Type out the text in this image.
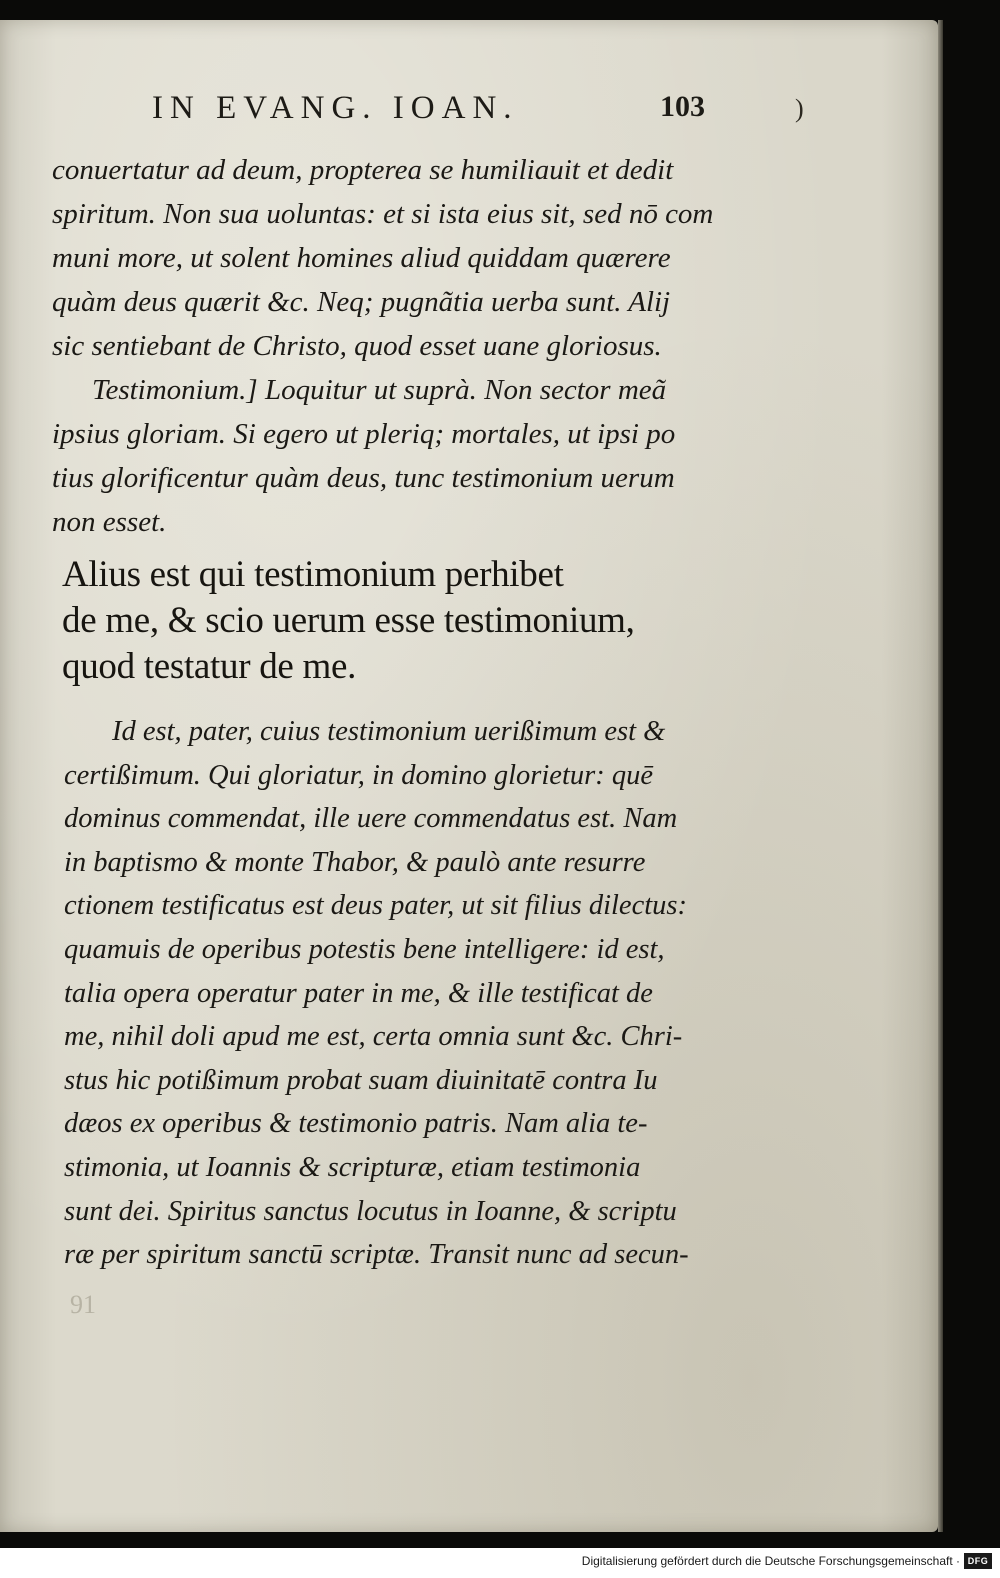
IN EVANG. IOAN.	103	)
conuertatur ad deum, propterea se humiliauit et dedit
spiritum. Non sua uoluntas: et si ista eius sit, sed nō com
muni more, ut solent homines aliud quiddam quærere
quàm deus quærit &c. Neq; pugnãtia uerba sunt. Alij
sic sentiebant de Christo, quod esset uane gloriosus.
Testimonium.] Loquitur ut suprà. Non sector meã
ipsius gloriam. Si egero ut pleriq; mortales, ut ipsi po
tius glorificentur quàm deus, tunc testimonium uerum
non esset.
Alius est qui testimonium perhibet
de me, & scio uerum esse testimonium,
quod testatur de me.
Id est, pater, cuius testimonium uerißimum est &
certißimum. Qui gloriatur, in domino glorietur: quē
dominus commendat, ille uere commendatus est. Nam
in baptismo & monte Thabor, & paulò ante resurre
ctionem testificatus est deus pater, ut sit filius dilectus:
quamuis de operibus potestis bene intelligere: id est,
talia opera operatur pater in me, & ille testificat de
me, nihil doli apud me est, certa omnia sunt &c. Chri-
stus hic potißimum probat suam diuinitatē contra Iu
dæos ex operibus & testimonio patris. Nam alia te-
stimonia, ut Ioannis & scripturæ, etiam testimonia
sunt dei. Spiritus sanctus locutus in Ioanne, & scriptu
ræ per spiritum sanctū scriptæ. Transit nunc ad secun-
91
Digitalisierung gefördert durch die Deutsche Forschungsgemeinschaft · DFG
